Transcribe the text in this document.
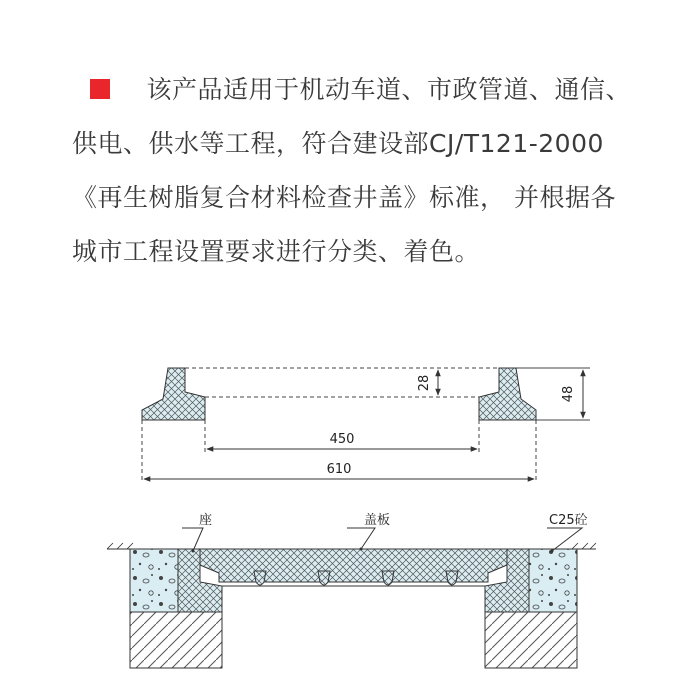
该产品适用于机动车道、市政管道、通信、
供电、供水等工程，符合建设部CJ/T121-2000
《再生树脂复合材料检查井盖》标准， 并根据各
城市工程设置要求进行分类、着色。
28
48
450
610
座	盖板	C25砼
